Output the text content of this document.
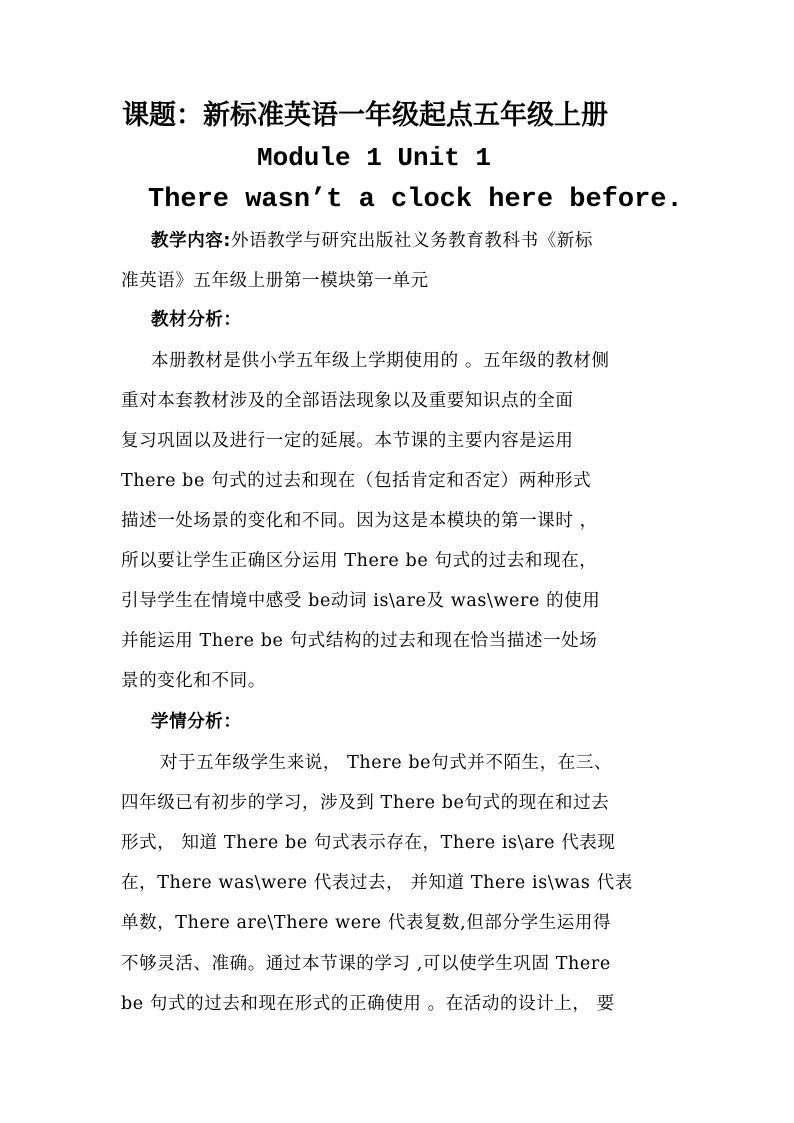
课题：新标准英语一年级起点五年级上册
Module 1 Unit 1
There wasn’t a clock here before.
教学内容:外语教学与研究出版社义务教育教科书《新标
准英语》五年级上册第一模块第一单元
教材分析：
本册教材是供小学五年级上学期使用的 。五年级的教材侧
重对本套教材涉及的全部语法现象以及重要知识点的全面
复习巩固以及进行一定的延展。本节课的主要内容是运用
There be 句式的过去和现在（包括肯定和否定）两种形式
描述一处场景的变化和不同。因为这是本模块的第一课时 ，
所以要让学生正确区分运用 There be 句式的过去和现在，
引导学生在情境中感受 be动词 is\are及 was\were 的使用
并能运用 There be 句式结构的过去和现在恰当描述一处场
景的变化和不同。
学情分析：
对于五年级学生来说， There be句式并不陌生，在三、
四年级已有初步的学习，涉及到 There be句式的现在和过去
形式， 知道 There be 句式表示存在，There is\are 代表现
在，There was\were 代表过去， 并知道 There is\was 代表
单数，There are\There were 代表复数,但部分学生运用得
不够灵活、准确。通过本节课的学习 ,可以使学生巩固 There
be 句式的过去和现在形式的正确使用 。在活动的设计上， 要
